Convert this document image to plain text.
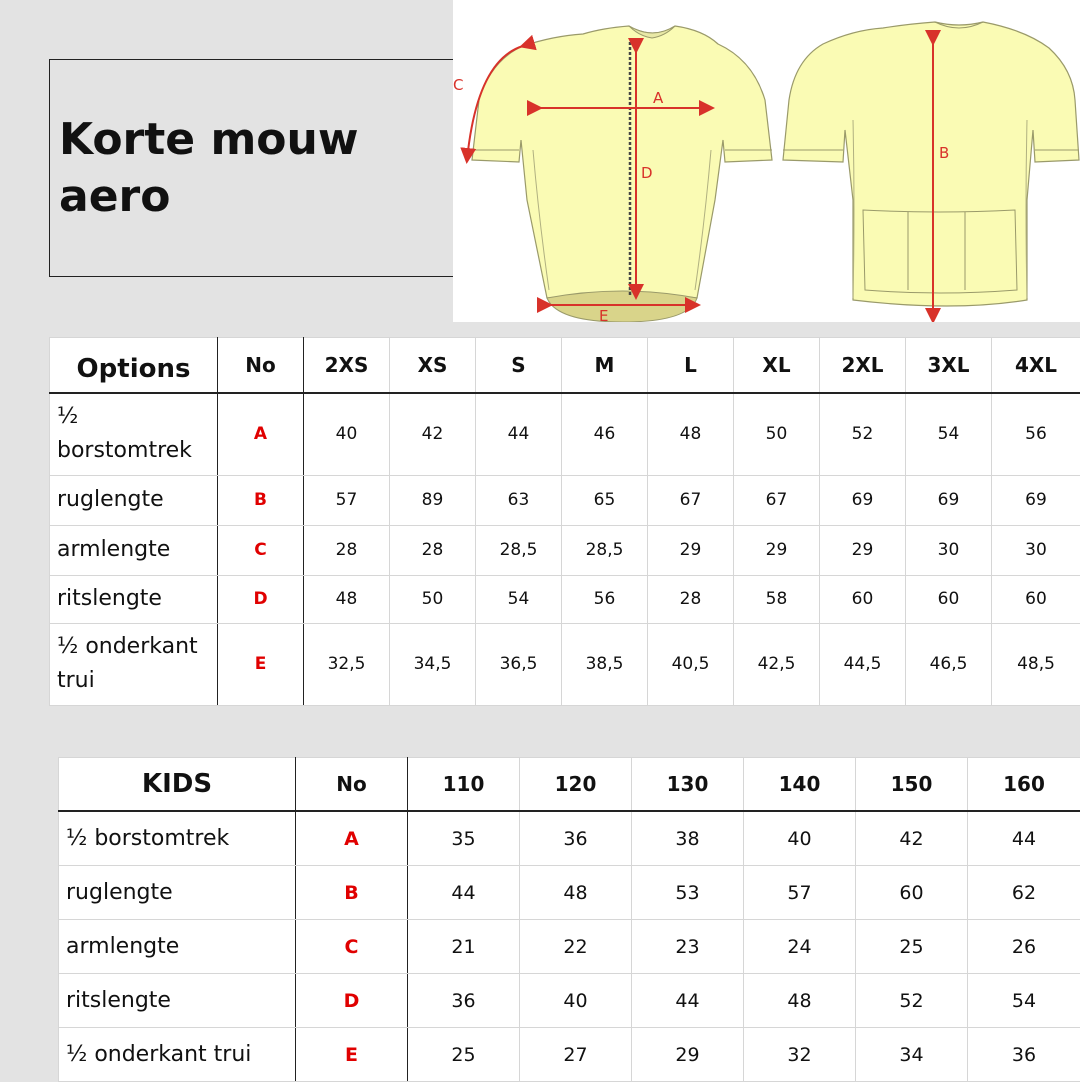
Korte mouw
aero
A
D
C
E
B
Options	No	2XS	XS	S	M	L	XL	2XL	3XL	4XL
½ borstomtrek	A	40	42	44	46	48	50	52	54	56
ruglengte	B	57	89	63	65	67	67	69	69	69
armlengte	C	28	28	28,5	28,5	29	29	29	30	30
ritslengte	D	48	50	54	56	28	58	60	60	60
½ onderkant trui	E	32,5	34,5	36,5	38,5	40,5	42,5	44,5	46,5	48,5
KIDS	No	110	120	130	140	150	160
½ borstomtrek	A	35	36	38	40	42	44
ruglengte	B	44	48	53	57	60	62
armlengte	C	21	22	23	24	25	26
ritslengte	D	36	40	44	48	52	54
½ onderkant trui	E	25	27	29	32	34	36
